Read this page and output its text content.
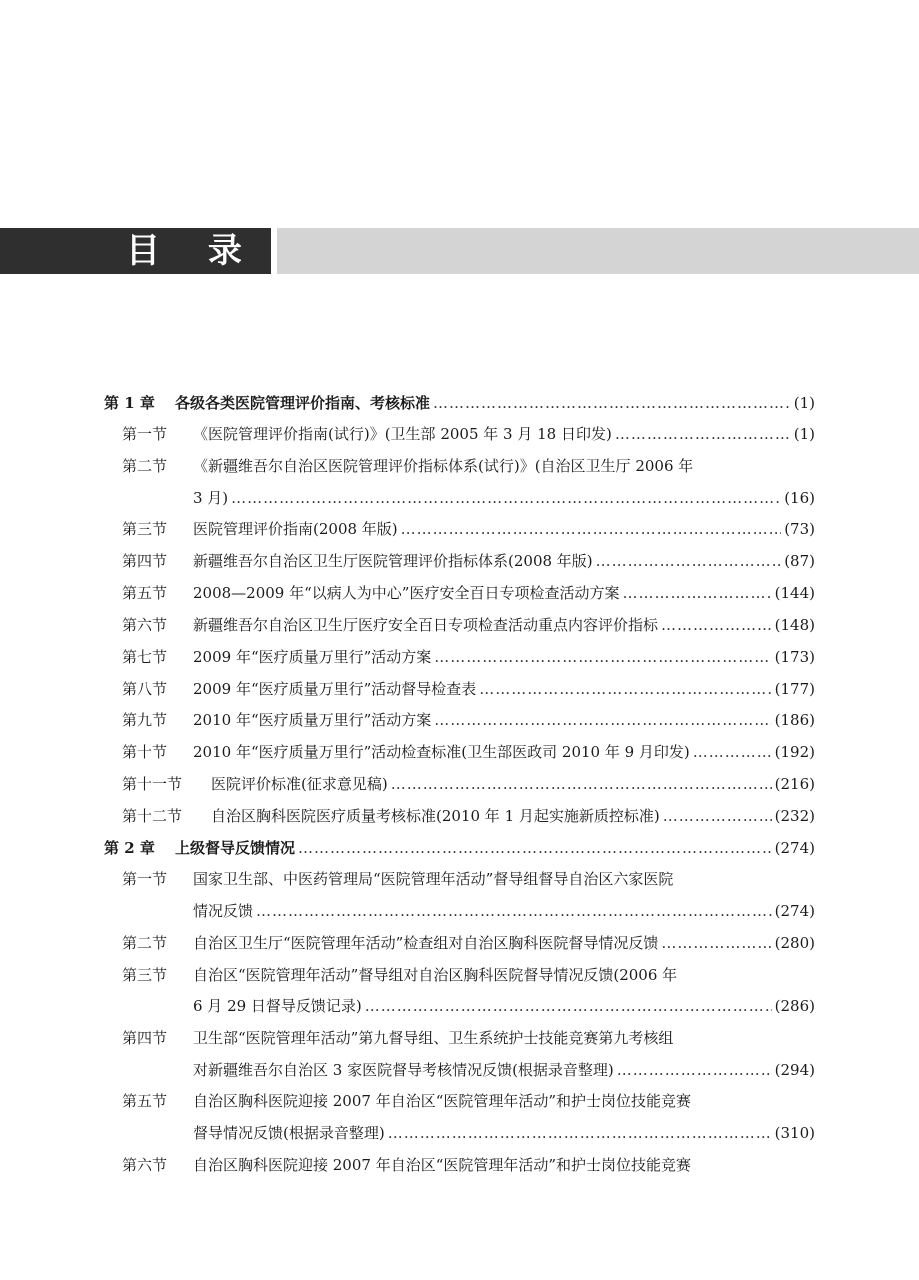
目 录
第 1 章	各级各类医院管理评价指南、考核标准 ……………………………………………………………………………………………………………………………………………………………………………………………………………………	(1)
第一节	《医院管理评价指南(试行)》(卫生部 2005 年 3 月 18 日印发) ……………………………………………………………………………………………………………………………………………………………………………………………………………………	(1)
第二节	《新疆维吾尔自治区医院管理评价指标体系(试行)》(自治区卫生厅 2006 年
3 月) ……………………………………………………………………………………………………………………………………………………………………………………………………………………	(16)
第三节	医院管理评价指南(2008 年版) ……………………………………………………………………………………………………………………………………………………………………………………………………………………	(73)
第四节	新疆维吾尔自治区卫生厅医院管理评价指标体系(2008 年版) ……………………………………………………………………………………………………………………………………………………………………………………………………………………	(87)
第五节	2008—2009 年“以病人为中心”医疗安全百日专项检查活动方案 ……………………………………………………………………………………………………………………………………………………………………………………………………………………	(144)
第六节	新疆维吾尔自治区卫生厅医疗安全百日专项检查活动重点内容评价指标 ……………………………………………………………………………………………………………………………………………………………………………………………………………………	(148)
第七节	2009 年“医疗质量万里行”活动方案 ……………………………………………………………………………………………………………………………………………………………………………………………………………………	(173)
第八节	2009 年“医疗质量万里行”活动督导检查表 ……………………………………………………………………………………………………………………………………………………………………………………………………………………	(177)
第九节	2010 年“医疗质量万里行”活动方案 ……………………………………………………………………………………………………………………………………………………………………………………………………………………	(186)
第十节	2010 年“医疗质量万里行”活动检查标准(卫生部医政司 2010 年 9 月印发) ……………………………………………………………………………………………………………………………………………………………………………………………………………………	(192)
第十一节	医院评价标准(征求意见稿) ……………………………………………………………………………………………………………………………………………………………………………………………………………………	(216)
第十二节	自治区胸科医院医疗质量考核标准(2010 年 1 月起实施新质控标准) ……………………………………………………………………………………………………………………………………………………………………………………………………………………	(232)
第 2 章	上级督导反馈情况 ……………………………………………………………………………………………………………………………………………………………………………………………………………………	(274)
第一节	国家卫生部、中医药管理局“医院管理年活动”督导组督导自治区六家医院
情况反馈 ……………………………………………………………………………………………………………………………………………………………………………………………………………………	(274)
第二节	自治区卫生厅“医院管理年活动”检查组对自治区胸科医院督导情况反馈 ……………………………………………………………………………………………………………………………………………………………………………………………………………………	(280)
第三节	自治区“医院管理年活动”督导组对自治区胸科医院督导情况反馈(2006 年
6 月 29 日督导反馈记录) ……………………………………………………………………………………………………………………………………………………………………………………………………………………	(286)
第四节	卫生部“医院管理年活动”第九督导组、卫生系统护士技能竞赛第九考核组
对新疆维吾尔自治区 3 家医院督导考核情况反馈(根据录音整理) ……………………………………………………………………………………………………………………………………………………………………………………………………………………	(294)
第五节	自治区胸科医院迎接 2007 年自治区“医院管理年活动”和护士岗位技能竞赛
督导情况反馈(根据录音整理) ……………………………………………………………………………………………………………………………………………………………………………………………………………………	(310)
第六节	自治区胸科医院迎接 2007 年自治区“医院管理年活动”和护士岗位技能竞赛
